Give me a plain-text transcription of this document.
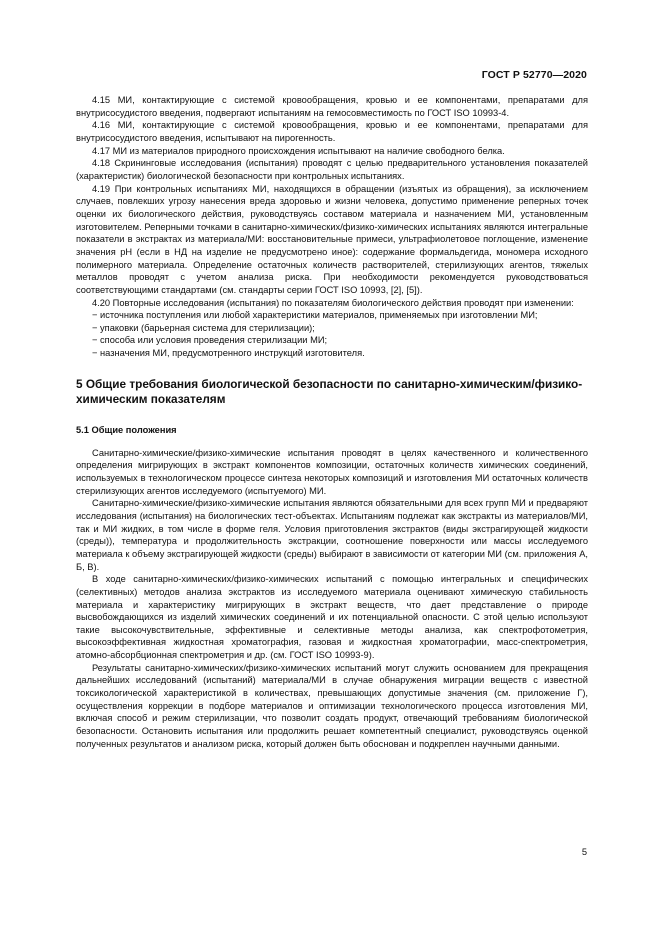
ГОСТ Р 52770—2020

4.15 МИ, контактирующие с системой кровообращения, кровью и ее компонентами, препаратами для внутрисосудистого введения, подвергают испытаниям на гемосовместимость по ГОСТ ISO 10993-4.

4.16 МИ, контактирующие с системой кровообращения, кровью и ее компонентами, препаратами для внутрисосудистого введения, испытывают на пирогенность.

4.17 МИ из материалов природного происхождения испытывают на наличие свободного белка.

4.18 Скрининговые исследования (испытания) проводят с целью предварительного установления показателей (характеристик) биологической безопасности при контрольных испытаниях.

4.19 При контрольных испытаниях МИ, находящихся в обращении (изъятых из обращения), за исключением случаев, повлекших угрозу нанесения вреда здоровью и жизни человека, допустимо применение реперных точек оценки их биологического действия, руководствуясь составом материала и назначением МИ, установленным изготовителем. Реперными точками в санитарно-химических/физико-химических испытаниях являются интегральные показатели в экстрактах из материала/МИ: восстановительные примеси, ультрафиолетовое поглощение, изменение значения рН (если в НД на изделие не предусмотрено иное): содержание формальдегида, мономера исходного полимерного материала. Определение остаточных количеств растворителей, стерилизующих агентов, тяжелых металлов проводят с учетом анализа риска. При необходимости рекомендуется руководствоваться соответствующими стандартами (см. стандарты серии ГОСТ ISO 10993, [2], [5]).

4.20 Повторные исследования (испытания) по показателям биологического действия проводят при изменении:

− источника поступления или любой характеристики материалов, применяемых при изготовлении МИ;

− упаковки (барьерная система для стерилизации);

− способа или условия проведения стерилизации МИ;

− назначения МИ, предусмотренного инструкций изготовителя.

5 Общие требования биологической безопасности по санитарно-химическим/физико-химическим показателям
5.1 Общие положения

Санитарно-химические/физико-химические испытания проводят в целях качественного и количественного определения мигрирующих в экстракт компонентов композиции, остаточных количеств химических соединений, используемых в технологическом процессе синтеза некоторых композиций и изготовления МИ остаточных количеств стерилизующих агентов исследуемого (испытуемого) МИ.

Санитарно-химические/физико-химические испытания являются обязательными для всех групп МИ и предваряют исследования (испытания) на биологических тест-объектах. Испытаниям подлежат как экстракты из материалов/МИ, так и МИ жидких, в том числе в форме геля. Условия приготовления экстрактов (виды экстрагирующей жидкости (среды)), температура и продолжительность экстракции, соотношение поверхности или массы исследуемого материала к объему экстрагирующей жидкости (среды) выбирают в зависимости от категории МИ (см. приложения А, Б, В).

В ходе санитарно-химических/физико-химических испытаний с помощью интегральных и специфических (селективных) методов анализа экстрактов из исследуемого материала оценивают химическую стабильность материала и характеристику мигрирующих в экстракт веществ, что дает представление о природе высвобождающихся из изделий химических соединений и их потенциальной опасности. С этой целью используют такие высокочувствительные, эффективные и селективные методы анализа, как спектрофотометрия, высокоэффективная жидкостная хроматография, газовая и жидкостная хроматографии, масс-спектрометрия, атомно-абсорбционная спектрометрия и др. (см. ГОСТ ISO 10993-9).

Результаты санитарно-химических/физико-химических испытаний могут служить основанием для прекращения дальнейших исследований (испытаний) материала/МИ в случае обнаружения миграции веществ с известной токсикологической характеристикой в количествах, превышающих допустимые значения (см. приложение Г), осуществления коррекции в подборе материалов и оптимизации технологического процесса изготовления МИ, включая способ и режим стерилизации, что позволит создать продукт, отвечающий требованиям биологической безопасности. Остановить испытания или продолжить решает компетентный специалист, руководствуясь оценкой полученных результатов и анализом риска, который должен быть обоснован и подкреплен научными данными.

5
